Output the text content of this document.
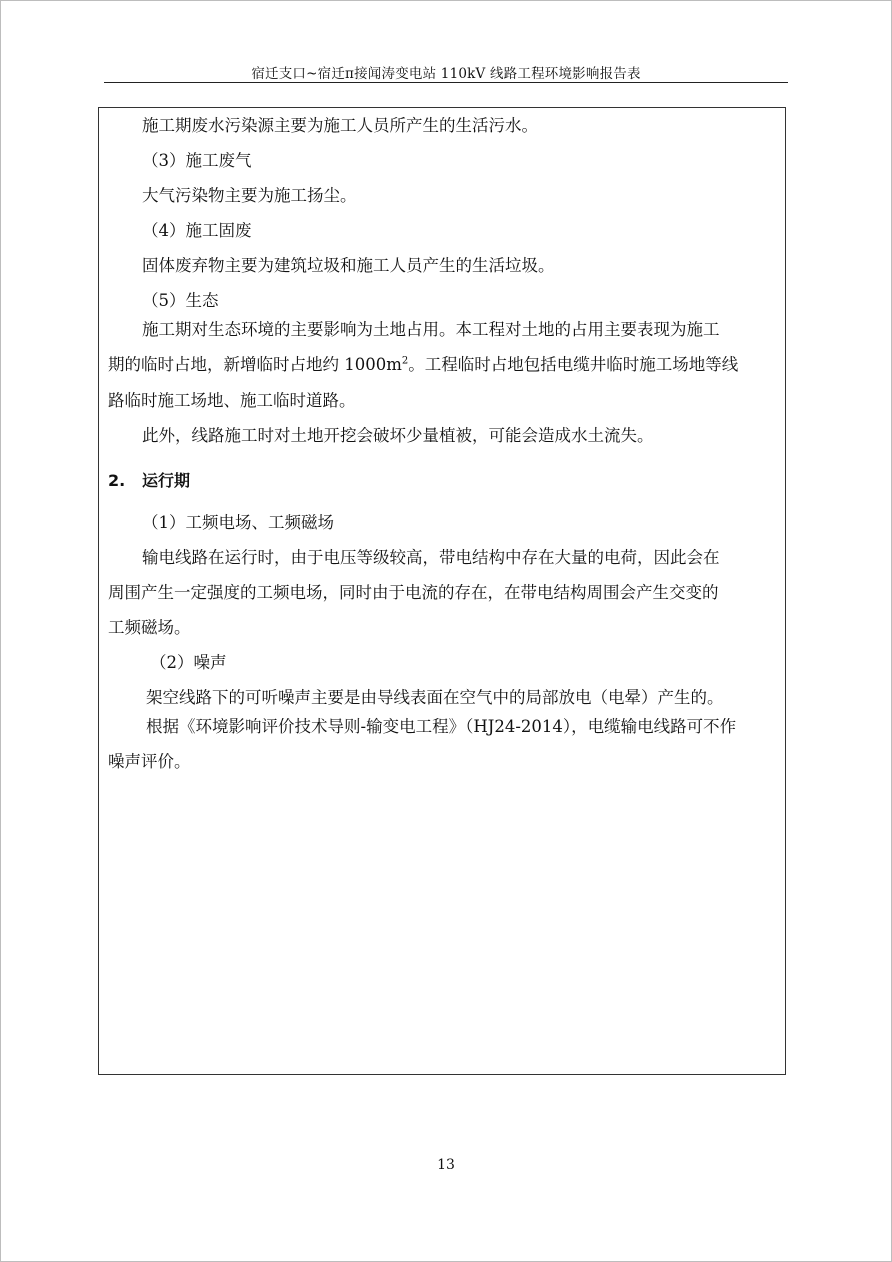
宿迁支口~宿迁π接闻涛变电站 110kV 线路工程环境影响报告表
施工期废水污染源主要为施工人员所产生的生活污水。
（3）施工废气
大气污染物主要为施工扬尘。
（4）施工固废
固体废弃物主要为建筑垃圾和施工人员产生的生活垃圾。
（5）生态
施工期对生态环境的主要影响为土地占用。本工程对土地的占用主要表现为施工
期的临时占地，新增临时占地约 $1000m^2$。工程临时占地包括电缆井临时施工场地等线
路临时施工场地、施工临时道路。
此外，线路施工时对土地开挖会破坏少量植被，可能会造成水土流失。
2. 运行期
（1）工频电场、工频磁场
输电线路在运行时，由于电压等级较高，带电结构中存在大量的电荷，因此会在
周围产生一定强度的工频电场，同时由于电流的存在，在带电结构周围会产生交变的
工频磁场。
（2）噪声
架空线路下的可听噪声主要是由导线表面在空气中的局部放电（电晕）产生的。
根据《环境影响评价技术导则-输变电工程》（HJ24-2014），电缆输电线路可不作
噪声评价。
13
